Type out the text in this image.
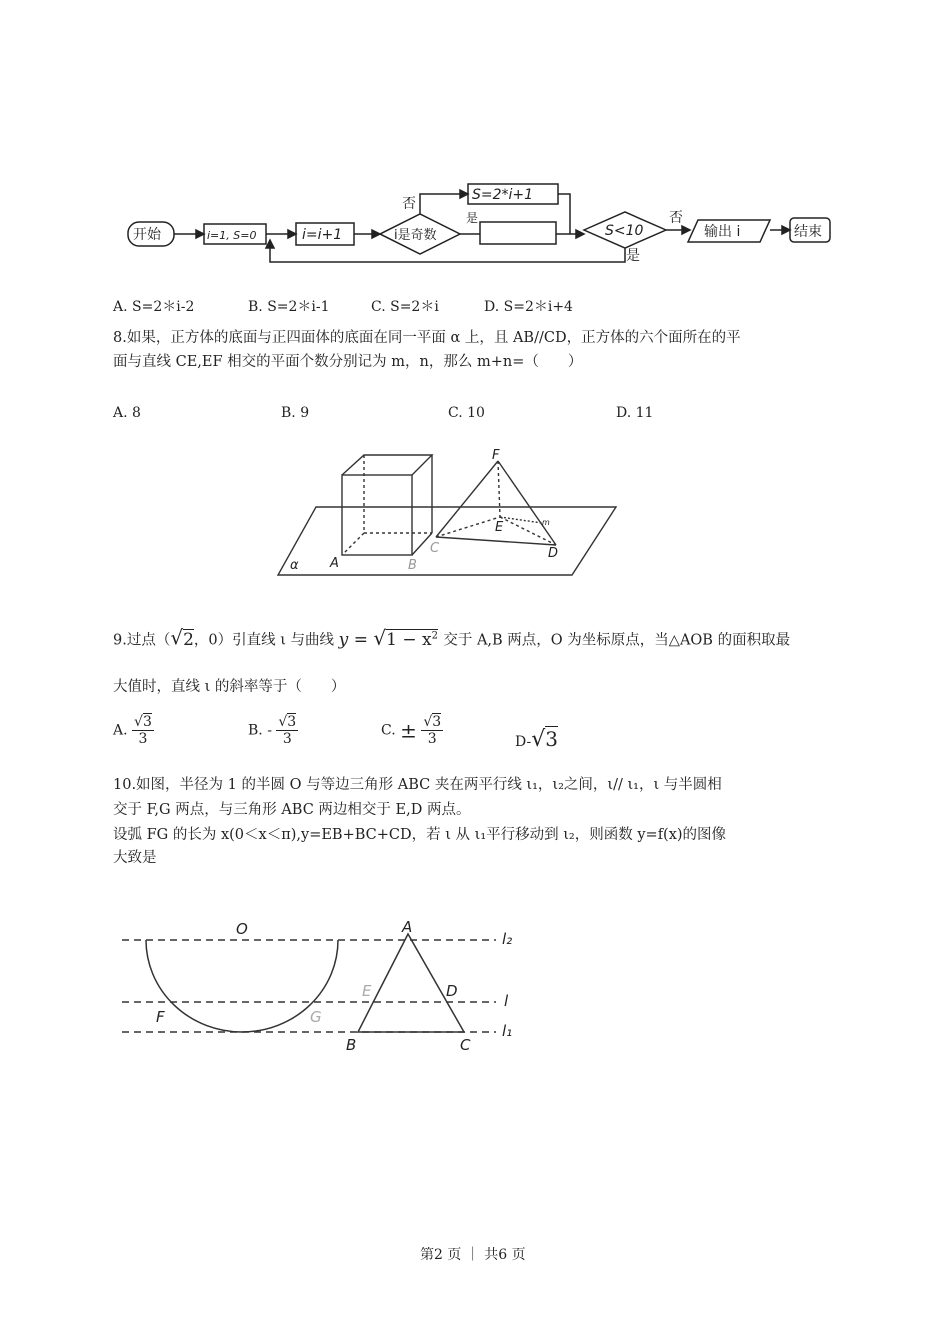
开始	i=1, S=0	i=i+1	i是奇数
否
是
S=2*i+1
S<10
否
是
输出 i	结束
A. S=2＊i-2	B. S=2＊i-1	C. S=2＊i	D. S=2＊i+4
8.如果，正方体的底面与正四面体的底面在同一平面 α 上，且 AB//CD，正方体的六个面所在的平
面与直线 CE,EF 相交的平面个数分别记为 m，n，那么 m+n=（　　）
A. 8	B. 9	C. 10	D. 11
α A	B
C	D
E
F
m
9.过点（√2，0）引直线 ι 与曲线 $y = √1 - x^2$ 交于 A,B 两点，O 为坐标原点，当△AOB 的面积取最
大值时，直线 ι 的斜率等于（　　）
A. $\frac{√3}{3}$	B. - $\frac{√3}{3}$	C. ± $\frac{√3}{3}$	D-√3
10.如图，半径为 1 的半圆 O 与等边三角形 ABC 夹在两平行线 ι₁，ι₂之间，ι// ι₁，ι 与半圆相
交于 F,G 两点，与三角形 ABC 两边相交于 E,D 两点。
设弧 FG 的长为 x(0＜x＜π),y=EB+BC+CD，若 ι 从 ι₁平行移动到 ι₂，则函数 y=f(x)的图像
大致是
O
F	G
A
E	D
B	C
l₂
l
l₁
第2 页 ｜ 共6 页
